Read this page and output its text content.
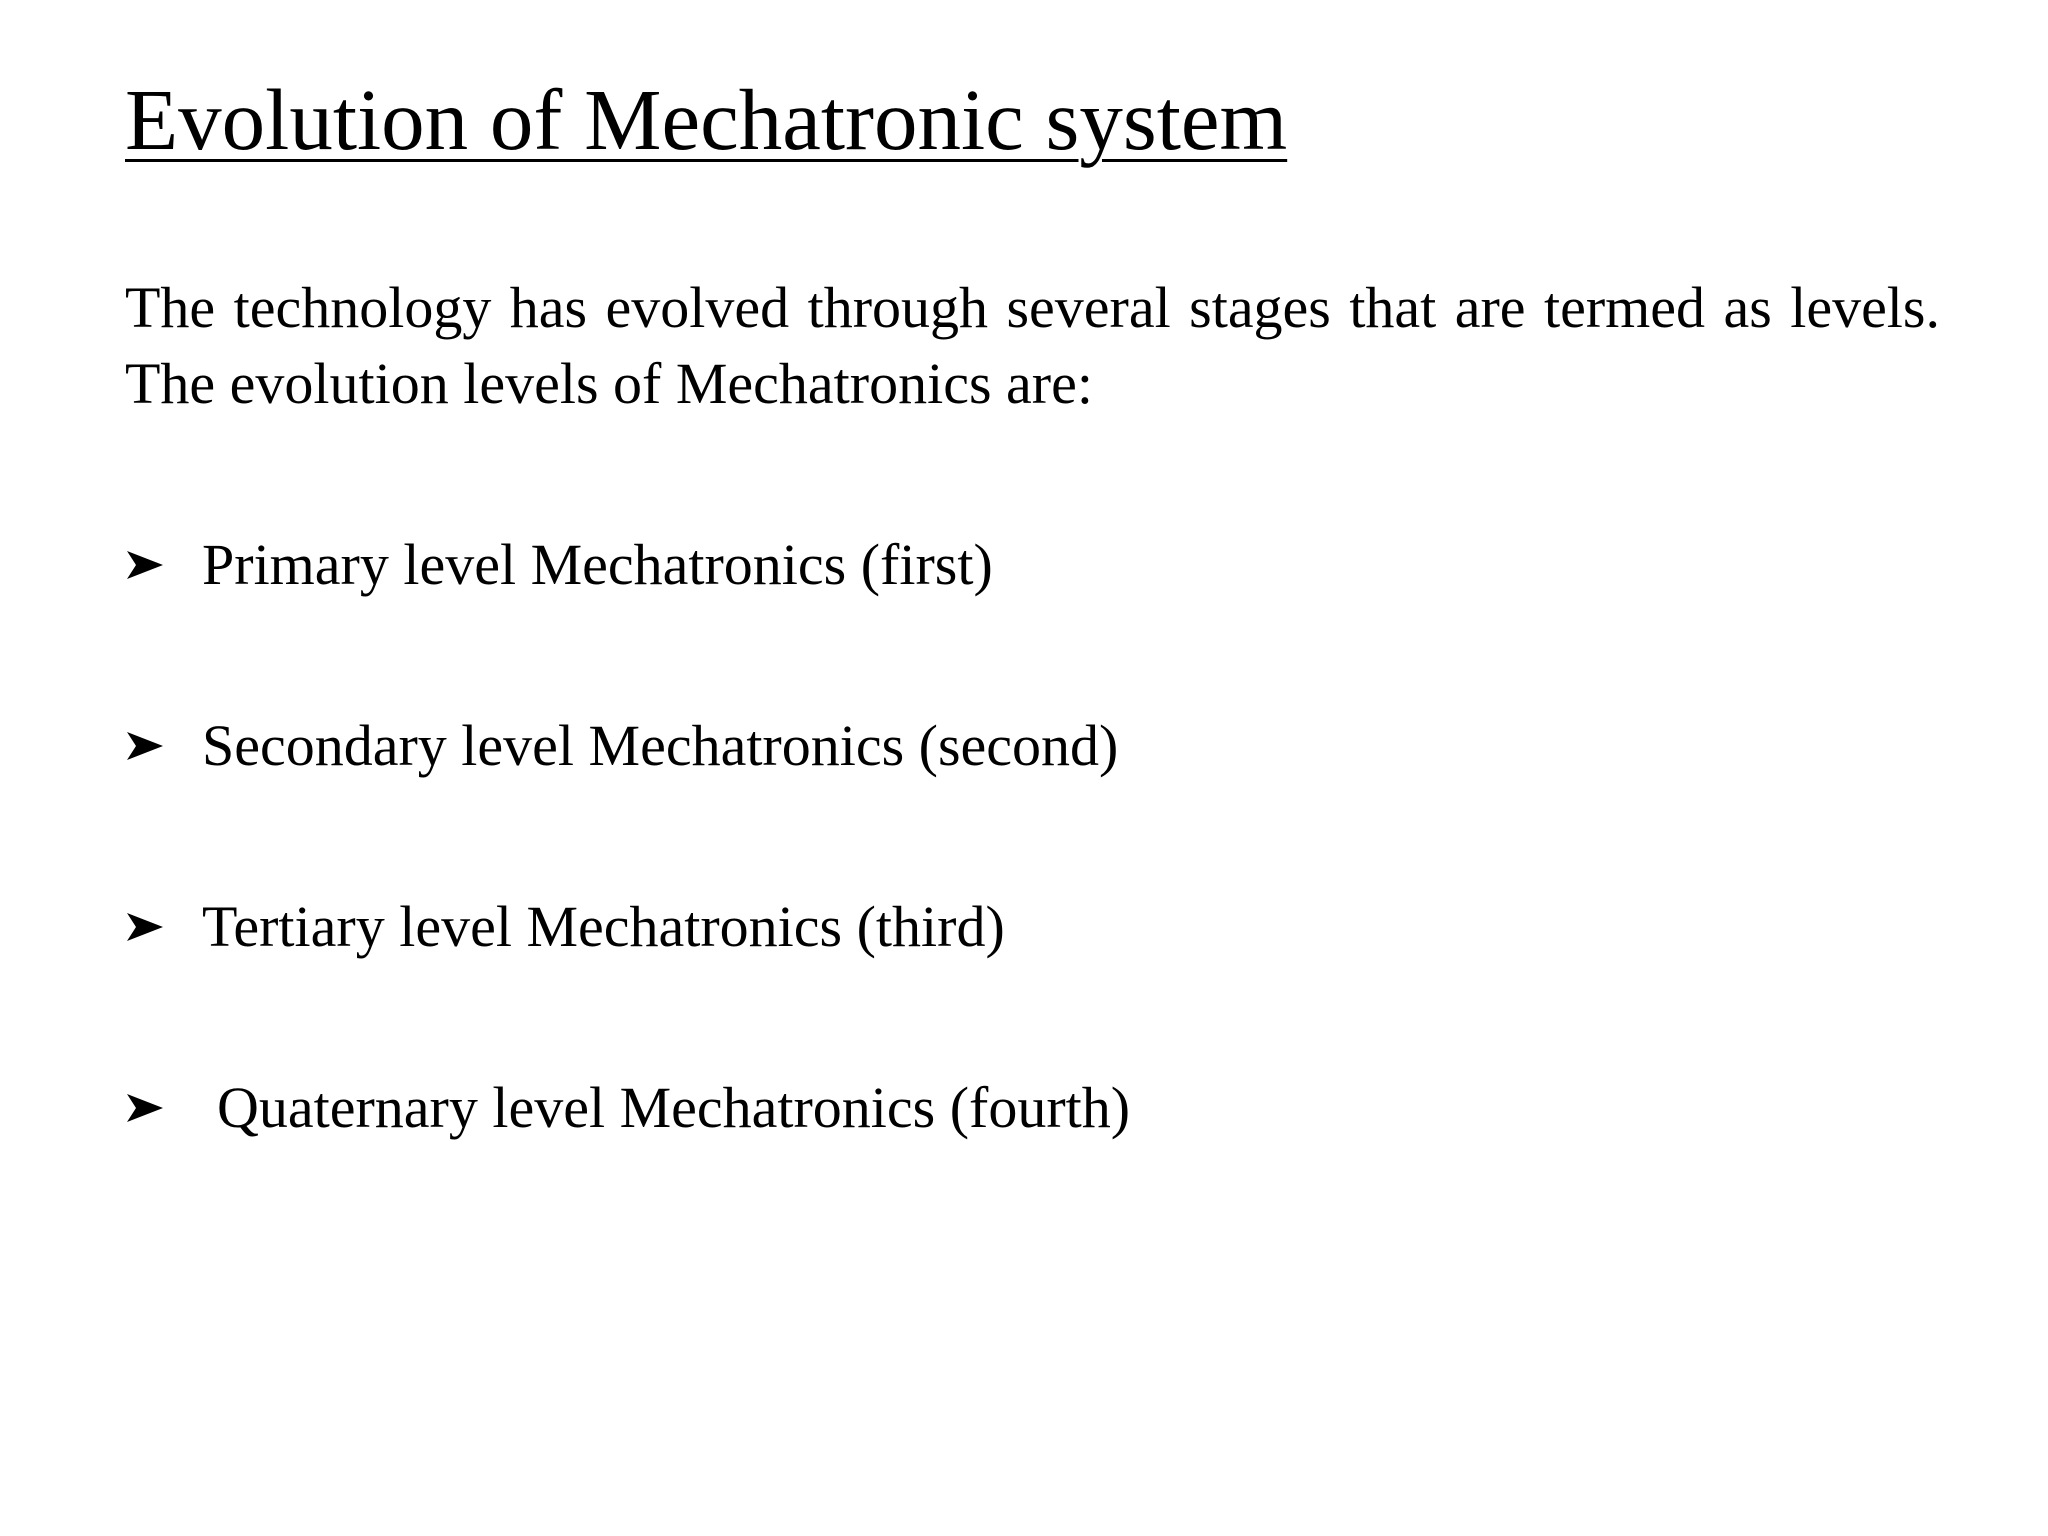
Evolution of Mechatronic system

The technology has evolved through several stages that are termed as levels. The evolution levels of Mechatronics are:

Primary level Mechatronics (first)
Secondary level Mechatronics (second)
Tertiary level Mechatronics (third)
Quaternary level Mechatronics (fourth)
